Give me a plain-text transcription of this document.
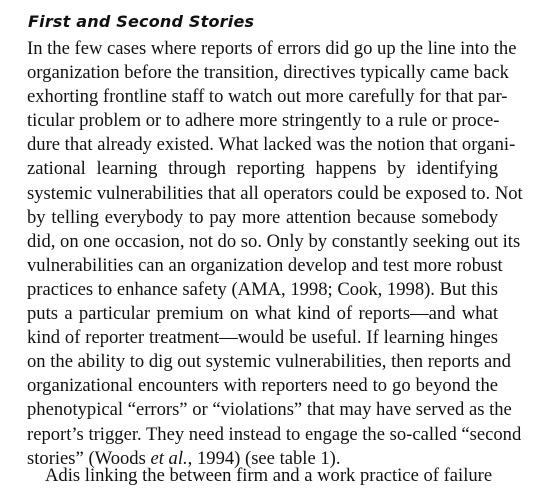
First and Second Stories
In the few cases where reports of errors did go up the line into the
organization before the transition, directives typically came back
exhorting frontline staff to watch out more carefully for that par-
ticular problem or to adhere more stringently to a rule or proce-
dure that already existed. What lacked was the notion that organi-
zational learning through reporting happens by identifying
systemic vulnerabilities that all operators could be exposed to. Not
by telling everybody to pay more attention because somebody
did, on one occasion, not do so. Only by constantly seeking out its
vulnerabilities can an organization develop and test more robust
practices to enhance safety (AMA, 1998; Cook, 1998). But this
puts a particular premium on what kind of reports—and what
kind of reporter treatment—would be useful. If learning hinges
on the ability to dig out systemic vulnerabilities, then reports and
organizational encounters with reporters need to go beyond the
phenotypical “errors” or “violations” that may have served as the
report’s trigger. They need instead to engage the so-called “second
stories” (Woods et al., 1994) (see table 1).
Adis linking the between firm and a work practice of failure
